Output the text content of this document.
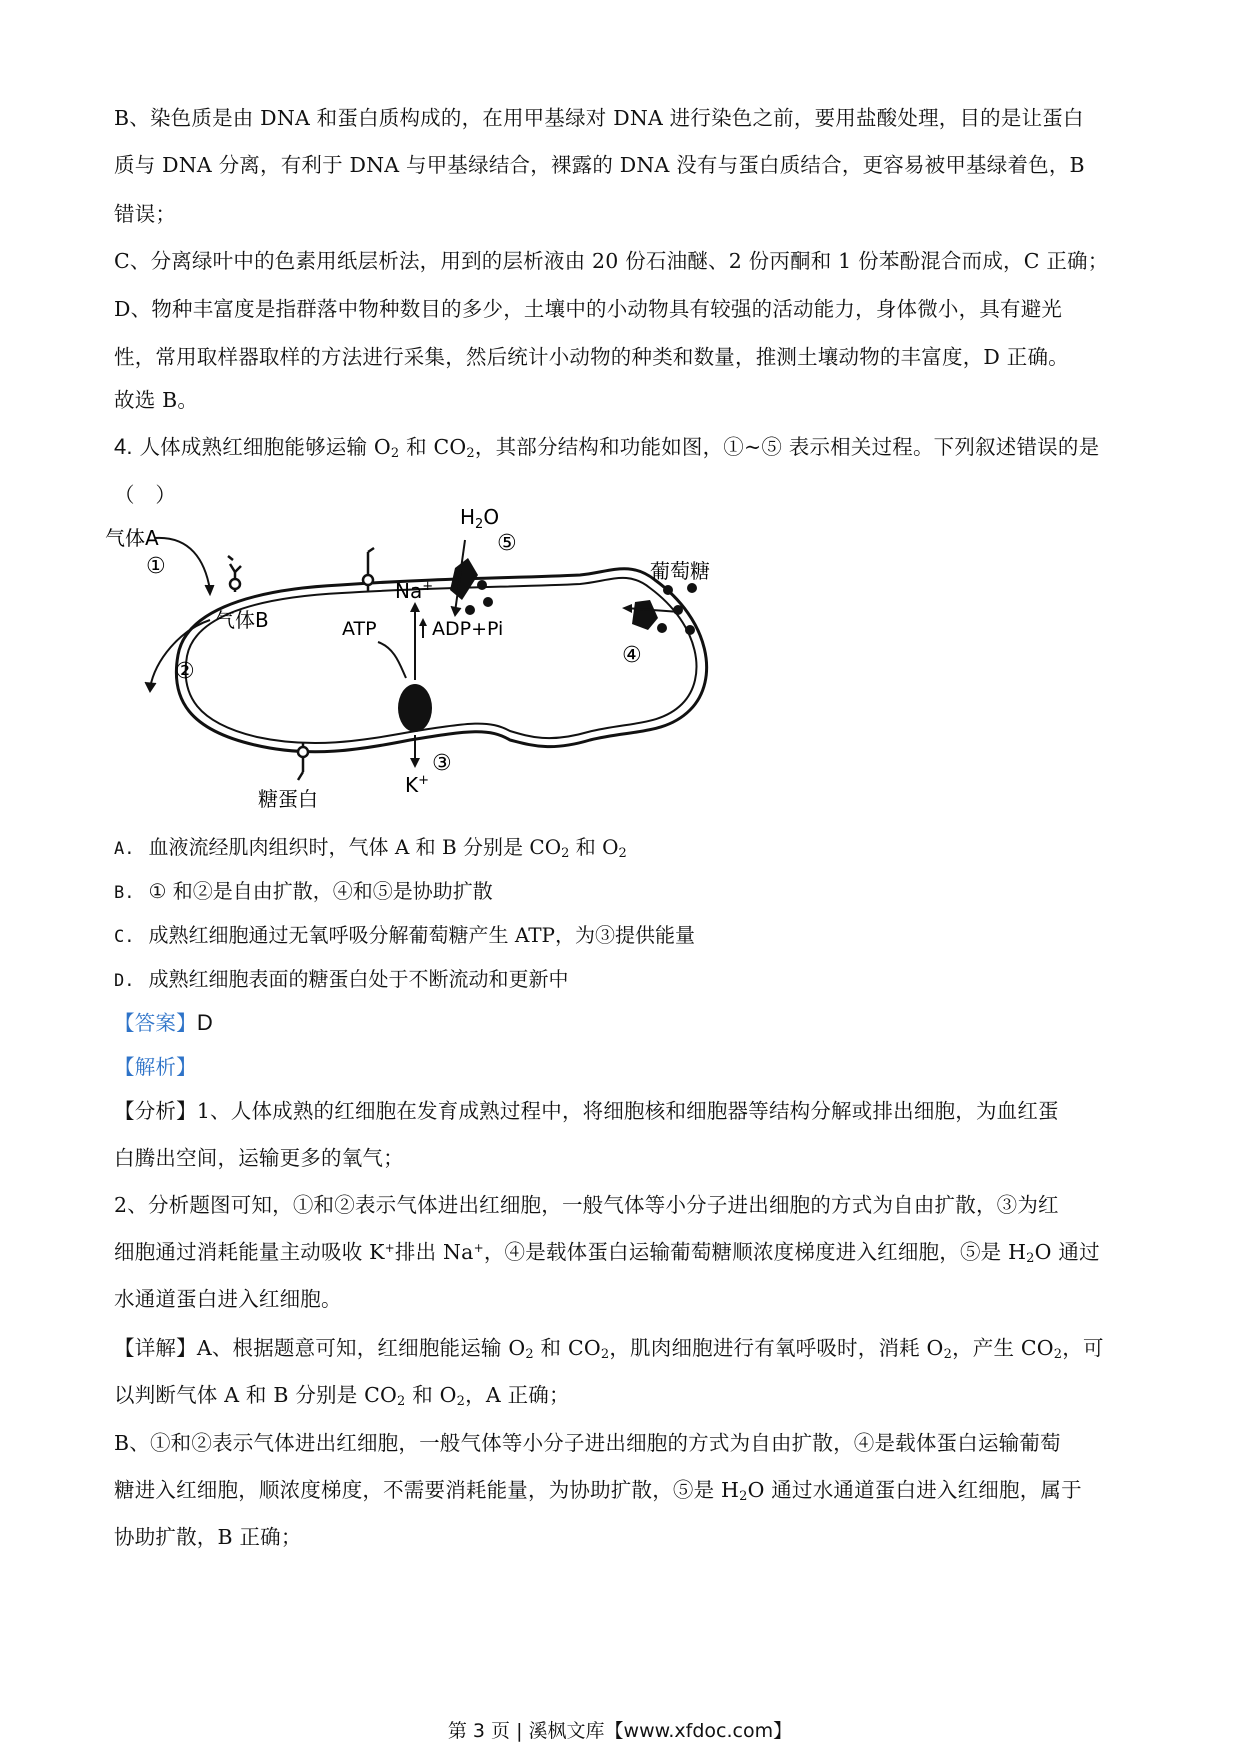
B、染色质是由 DNA 和蛋白质构成的，在用甲基绿对 DNA 进行染色之前，要用盐酸处理，目的是让蛋白
质与 DNA 分离，有利于 DNA 与甲基绿结合，裸露的 DNA 没有与蛋白质结合，更容易被甲基绿着色，B
错误；
C、分离绿叶中的色素用纸层析法，用到的层析液由 20 份石油醚、2 份丙酮和 1 份苯酚混合而成，C 正确；
D、物种丰富度是指群落中物种数目的多少，土壤中的小动物具有较强的活动能力，身体微小，具有避光
性，常用取样器取样的方法进行采集，然后统计小动物的种类和数量，推测土壤动物的丰富度，D 正确。
故选 B。
4. 人体成熟红细胞能够运输 $O_2$ 和 $CO_2$，其部分结构和功能如图，①~⑤ 表示相关过程。下列叙述错误的是
（　）
$H_2O$
⑤
气体A
①
气体B
②
糖蛋白
Na+
ATP	ADP+Pi
K+
③
葡萄糖
④
A. 血液流经肌肉组织时，气体 A 和 B 分别是 $CO_2$ 和 $O_2$
B. ① 和②是自由扩散，④和⑤是协助扩散
C. 成熟红细胞通过无氧呼吸分解葡萄糖产生 ATP，为③提供能量
D. 成熟红细胞表面的糖蛋白处于不断流动和更新中
【答案】D
【解析】
【分析】1、人体成熟的红细胞在发育成熟过程中，将细胞核和细胞器等结构分解或排出细胞，为血红蛋
白腾出空间，运输更多的氧气；
2、分析题图可知，①和②表示气体进出红细胞，一般气体等小分子进出细胞的方式为自由扩散，③为红
细胞通过消耗能量主动吸收 K+排出 Na+，④是载体蛋白运输葡萄糖顺浓度梯度进入红细胞，⑤是 $H_2O$ 通过
水通道蛋白进入红细胞。
【详解】A、根据题意可知，红细胞能运输 $O_2$ 和 $CO_2$，肌肉细胞进行有氧呼吸时，消耗 $O_2$，产生 $CO_2$，可
以判断气体 A 和 B 分别是 $CO_2$ 和 $O_2$，A 正确；
B、①和②表示气体进出红细胞，一般气体等小分子进出细胞的方式为自由扩散，④是载体蛋白运输葡萄
糖进入红细胞，顺浓度梯度，不需要消耗能量，为协助扩散，⑤是 $H_2O$ 通过水通道蛋白进入红细胞，属于
协助扩散，B 正确；
第 3 页 | 溪枫文库【www.xfdoc.com】
